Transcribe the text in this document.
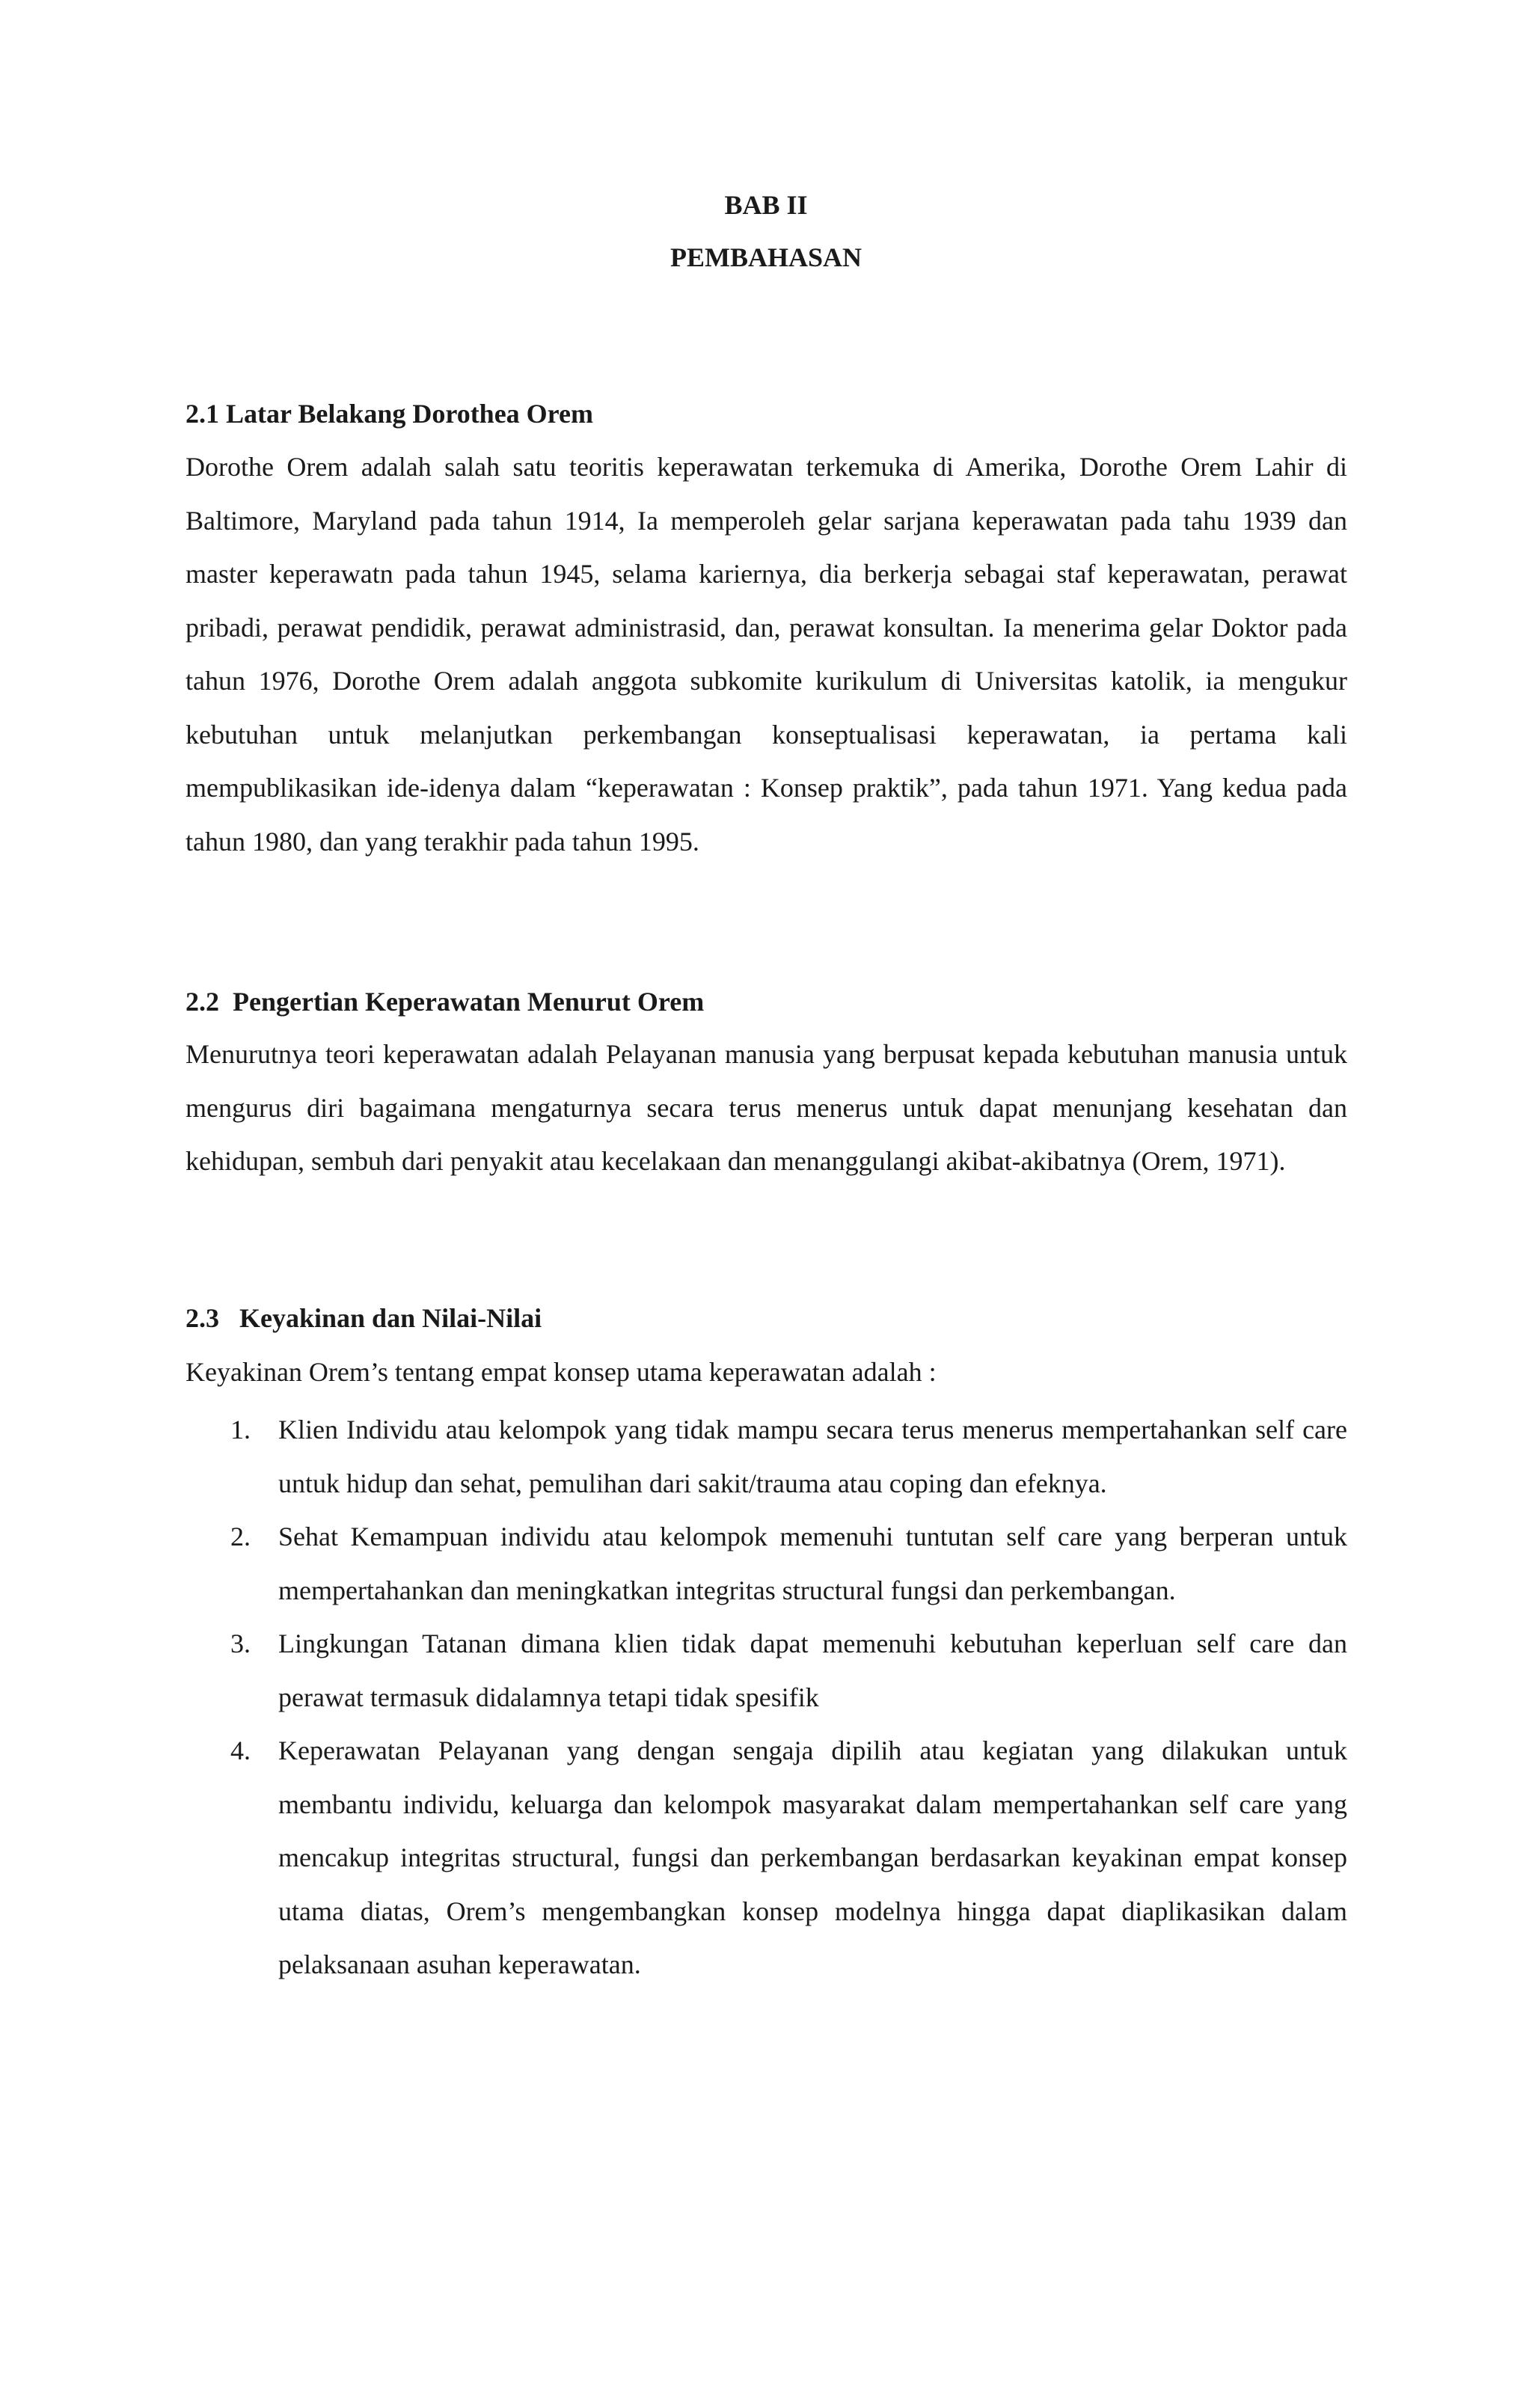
BAB II
PEMBAHASAN
2.1 Latar Belakang Dorothea Orem
Dorothe Orem adalah salah satu teoritis keperawatan terkemuka di Amerika, Dorothe Orem Lahir di Baltimore, Maryland pada tahun 1914, Ia memperoleh gelar sarjana keperawatan pada tahu 1939 dan master keperawatn pada tahun 1945, selama kariernya, dia berkerja sebagai staf keperawatan, perawat pribadi, perawat pendidik, perawat administrasid, dan, perawat konsultan. Ia menerima gelar Doktor pada tahun 1976, Dorothe Orem adalah anggota subkomite kurikulum di Universitas katolik, ia mengukur kebutuhan untuk melanjutkan perkembangan konseptualisasi keperawatan, ia pertama kali mempublikasikan ide-idenya dalam “keperawatan : Konsep praktik”, pada tahun 1971. Yang kedua pada tahun 1980, dan yang terakhir pada tahun 1995.
2.2  Pengertian Keperawatan Menurut Orem
Menurutnya teori keperawatan adalah Pelayanan manusia yang berpusat kepada kebutuhan manusia untuk mengurus diri bagaimana mengaturnya secara terus menerus untuk dapat menunjang kesehatan dan kehidupan, sembuh dari penyakit atau kecelakaan dan menanggulangi akibat-akibatnya (Orem, 1971).
2.3   Keyakinan dan Nilai-Nilai
Keyakinan Orem’s tentang empat konsep utama keperawatan adalah :
1. Klien Individu atau kelompok yang tidak mampu secara terus menerus mempertahankan self care untuk hidup dan sehat, pemulihan dari sakit/trauma atau coping dan efeknya.
2. Sehat Kemampuan individu atau kelompok memenuhi tuntutan self care yang berperan untuk mempertahankan dan meningkatkan integritas structural fungsi dan perkembangan.
3. Lingkungan Tatanan dimana klien tidak dapat memenuhi kebutuhan keperluan self care dan perawat termasuk didalamnya tetapi tidak spesifik
4. Keperawatan Pelayanan yang dengan sengaja dipilih atau kegiatan yang dilakukan untuk membantu individu, keluarga dan kelompok masyarakat dalam mempertahankan self care yang mencakup integritas structural, fungsi dan perkembangan berdasarkan keyakinan empat konsep utama diatas, Orem’s mengembangkan konsep modelnya hingga dapat diaplikasikan dalam pelaksanaan asuhan keperawatan.
